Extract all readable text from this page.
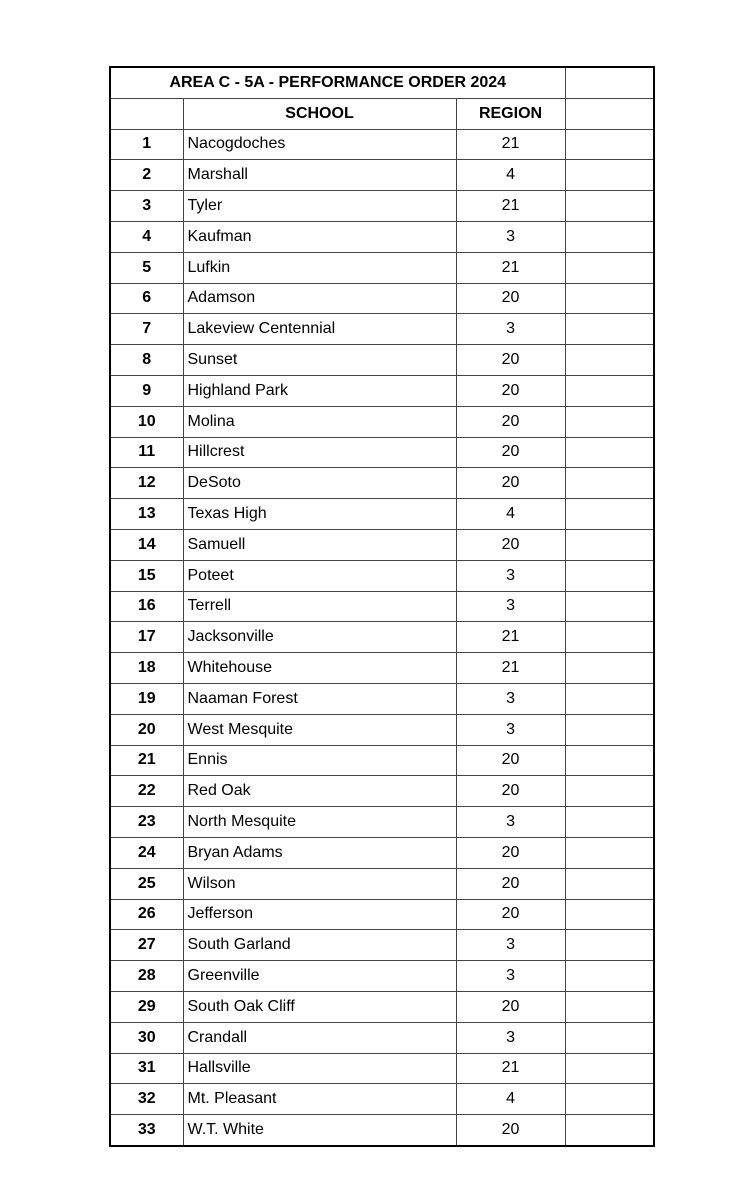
AREA C - 5A - PERFORMANCE ORDER 2024			
	SCHOOL	REGION	
1	Nacogdoches	21	
2	Marshall	4	
3	Tyler	21	
4	Kaufman	3	
5	Lufkin	21	
6	Adamson	20	
7	Lakeview Centennial	3	
8	Sunset	20	
9	Highland Park	20	
10	Molina	20	
11	Hillcrest	20	
12	DeSoto	20	
13	Texas High	4	
14	Samuell	20	
15	Poteet	3	
16	Terrell	3	
17	Jacksonville	21	
18	Whitehouse	21	
19	Naaman Forest	3	
20	West Mesquite	3	
21	Ennis	20	
22	Red Oak	20	
23	North Mesquite	3	
24	Bryan Adams	20	
25	Wilson	20	
26	Jefferson	20	
27	South Garland	3	
28	Greenville	3	
29	South Oak Cliff	20	
30	Crandall	3	
31	Hallsville	21	
32	Mt. Pleasant	4	
33	W.T. White	20	
